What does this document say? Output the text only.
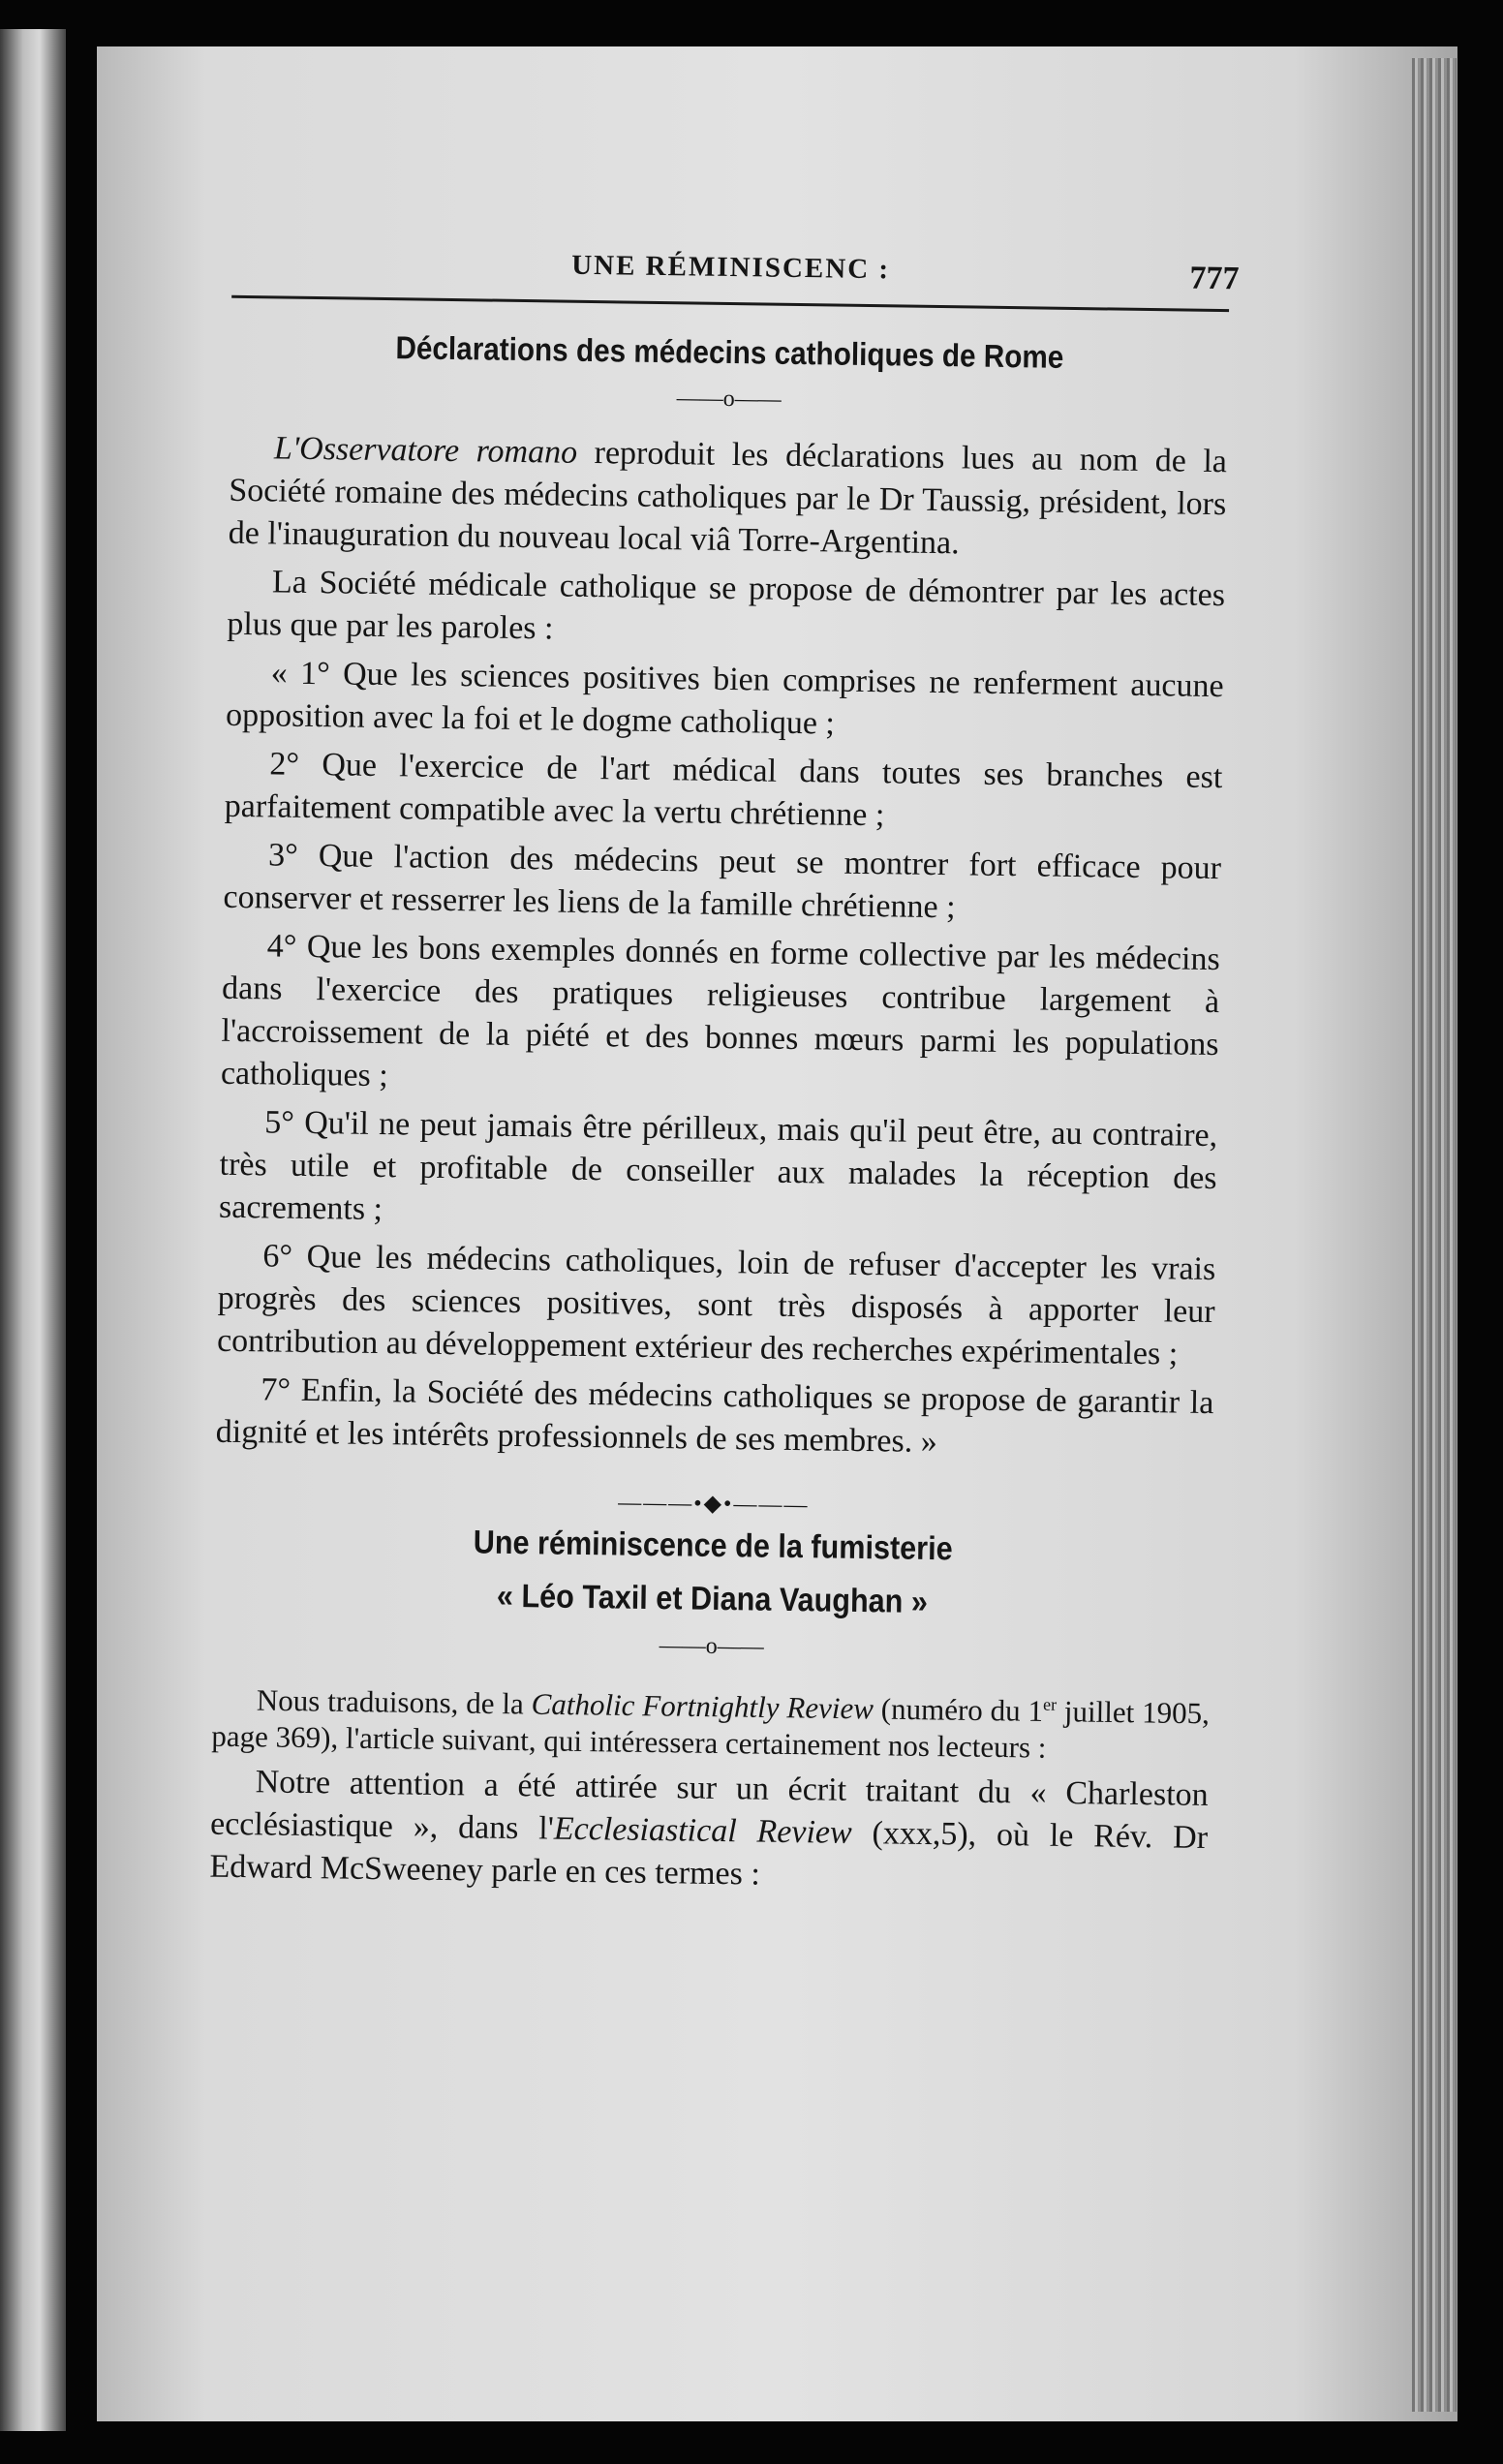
UNE RÉMINISCENC :	777
Déclarations des médecins catholiques de Rome
——o——

L'Osservatore romano reproduit les déclarations lues au nom de la Société romaine des médecins catholiques par le Dr Taussig, président, lors de l'inauguration du nouveau local viâ Torre-Argentina.

La Société médicale catholique se propose de démontrer par les actes plus que par les paroles :

« 1° Que les sciences positives bien comprises ne renferment aucune opposition avec la foi et le dogme catholique ;

2° Que l'exercice de l'art médical dans toutes ses branches est parfaitement compatible avec la vertu chrétienne ;

3° Que l'action des médecins peut se montrer fort efficace pour conserver et resserrer les liens de la famille chrétienne ;

4° Que les bons exemples donnés en forme collective par les médecins dans l'exercice des pratiques religieuses contribue largement à l'accroissement de la piété et des bonnes mœurs parmi les populations catholiques ;

5° Qu'il ne peut jamais être périlleux, mais qu'il peut être, au contraire, très utile et profitable de conseiller aux malades la réception des sacrements ;

6° Que les médecins catholiques, loin de refuser d'accepter les vrais progrès des sciences positives, sont très disposés à apporter leur contribution au développement extérieur des recherches expérimentales ;

7° Enfin, la Société des médecins catholiques se propose de garantir la dignité et les intérêts professionnels de ses membres. »

———•◆•———
Une réminiscence de la fumisterie
« Léo Taxil et Diana Vaughan »
——o——

Nous traduisons, de la Catholic Fortnightly Review (numéro du 1er juillet 1905, page 369), l'article suivant, qui intéressera certainement nos lecteurs :

Notre attention a été attirée sur un écrit traitant du « Charleston ecclésiastique », dans l'Ecclesiastical Review (xxx,5), où le Rév. Dr Edward McSweeney parle en ces termes :
